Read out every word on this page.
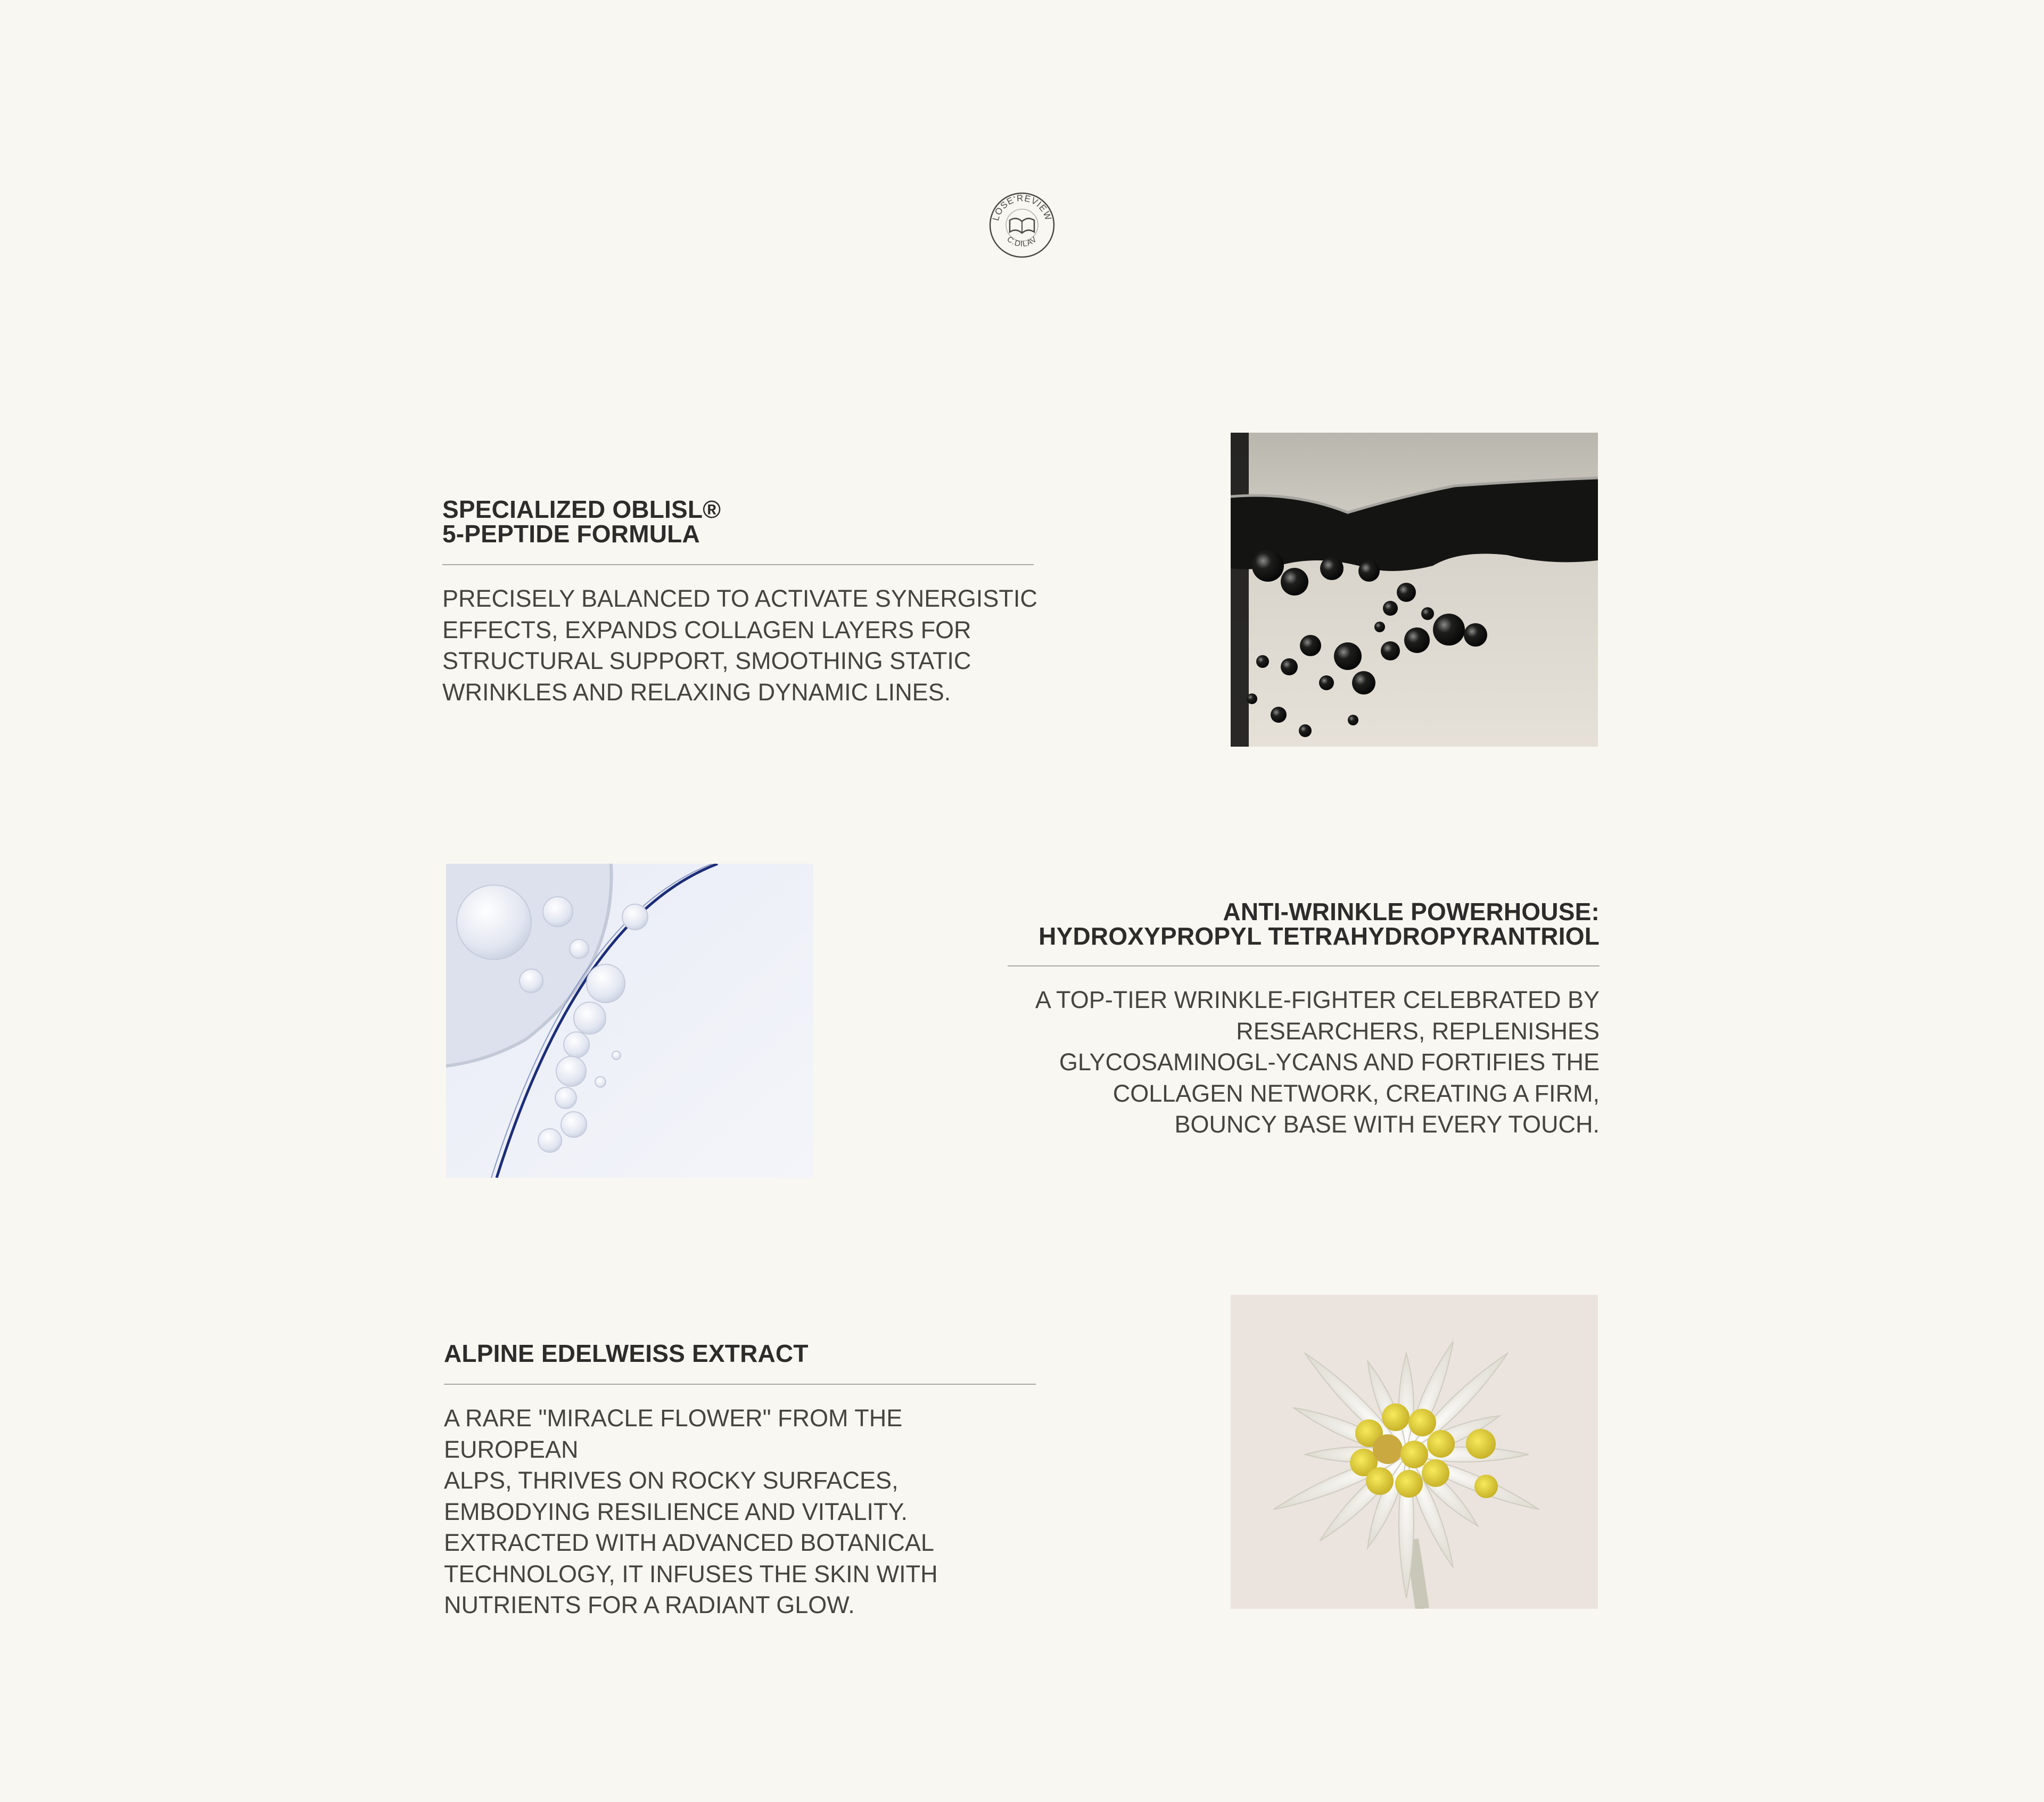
LOSE'REVIEW
C.DILAV
SPECIALIZED OBLISL®
5-PEPTIDE FORMULA
PRECISELY BALANCED TO ACTIVATE SYNERGISTIC
EFFECTS, EXPANDS COLLAGEN LAYERS FOR
STRUCTURAL SUPPORT, SMOOTHING STATIC
WRINKLES AND RELAXING DYNAMIC LINES.
ANTI-WRINKLE POWERHOUSE:
HYDROXYPROPYL TETRAHYDROPYRANTRIOL
A TOP-TIER WRINKLE-FIGHTER CELEBRATED BY
RESEARCHERS, REPLENISHES
GLYCOSAMINOGL-YCANS AND FORTIFIES THE
COLLAGEN NETWORK, CREATING A FIRM,
BOUNCY BASE WITH EVERY TOUCH.
ALPINE EDELWEISS EXTRACT
A RARE "MIRACLE FLOWER" FROM THE EUROPEAN
ALPS, THRIVES ON ROCKY SURFACES,
EMBODYING RESILIENCE AND VITALITY.
EXTRACTED WITH ADVANCED BOTANICAL
TECHNOLOGY, IT INFUSES THE SKIN WITH
NUTRIENTS FOR A RADIANT GLOW.
